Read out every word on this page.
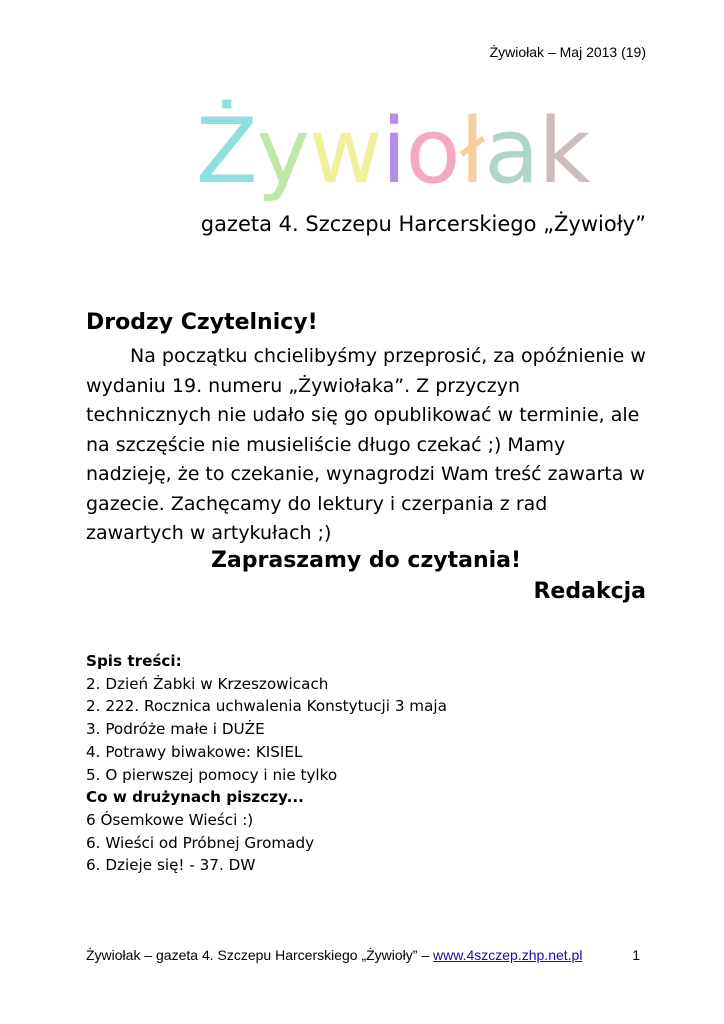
Żywiołak – Maj 2013 (19)
Żywiołak
gazeta 4. Szczepu Harcerskiego „Żywioły”
Drodzy Czytelnicy!

Na początku chcielibyśmy przeprosić, za opóźnienie w wydaniu 19. numeru „Żywiołaka”. Z przyczyn technicznych nie udało się go opublikować w terminie, ale na szczęście nie musieliście długo czekać ;) Mamy nadzieję, że to czekanie, wynagrodzi Wam treść zawarta w gazecie. Zachęcamy do lektury i czerpania z rad zawartych w artykułach ;)

Zapraszamy do czytania!
Redakcja
Spis treści:
2. Dzień Żabki w Krzeszowicach
2. 222. Rocznica uchwalenia Konstytucji 3 maja
3. Podróże małe i DUŻE
4. Potrawy biwakowe: KISIEL
5. O pierwszej pomocy i nie tylko
Co w drużynach piszczy...
6 Ósemkowe Wieści :)
6. Wieści od Próbnej Gromady
6. Dzieje się! - 37. DW
Żywiołak – gazeta 4. Szczepu Harcerskiego „Żywioły” – www.4szczep.zhp.net.pl	1
